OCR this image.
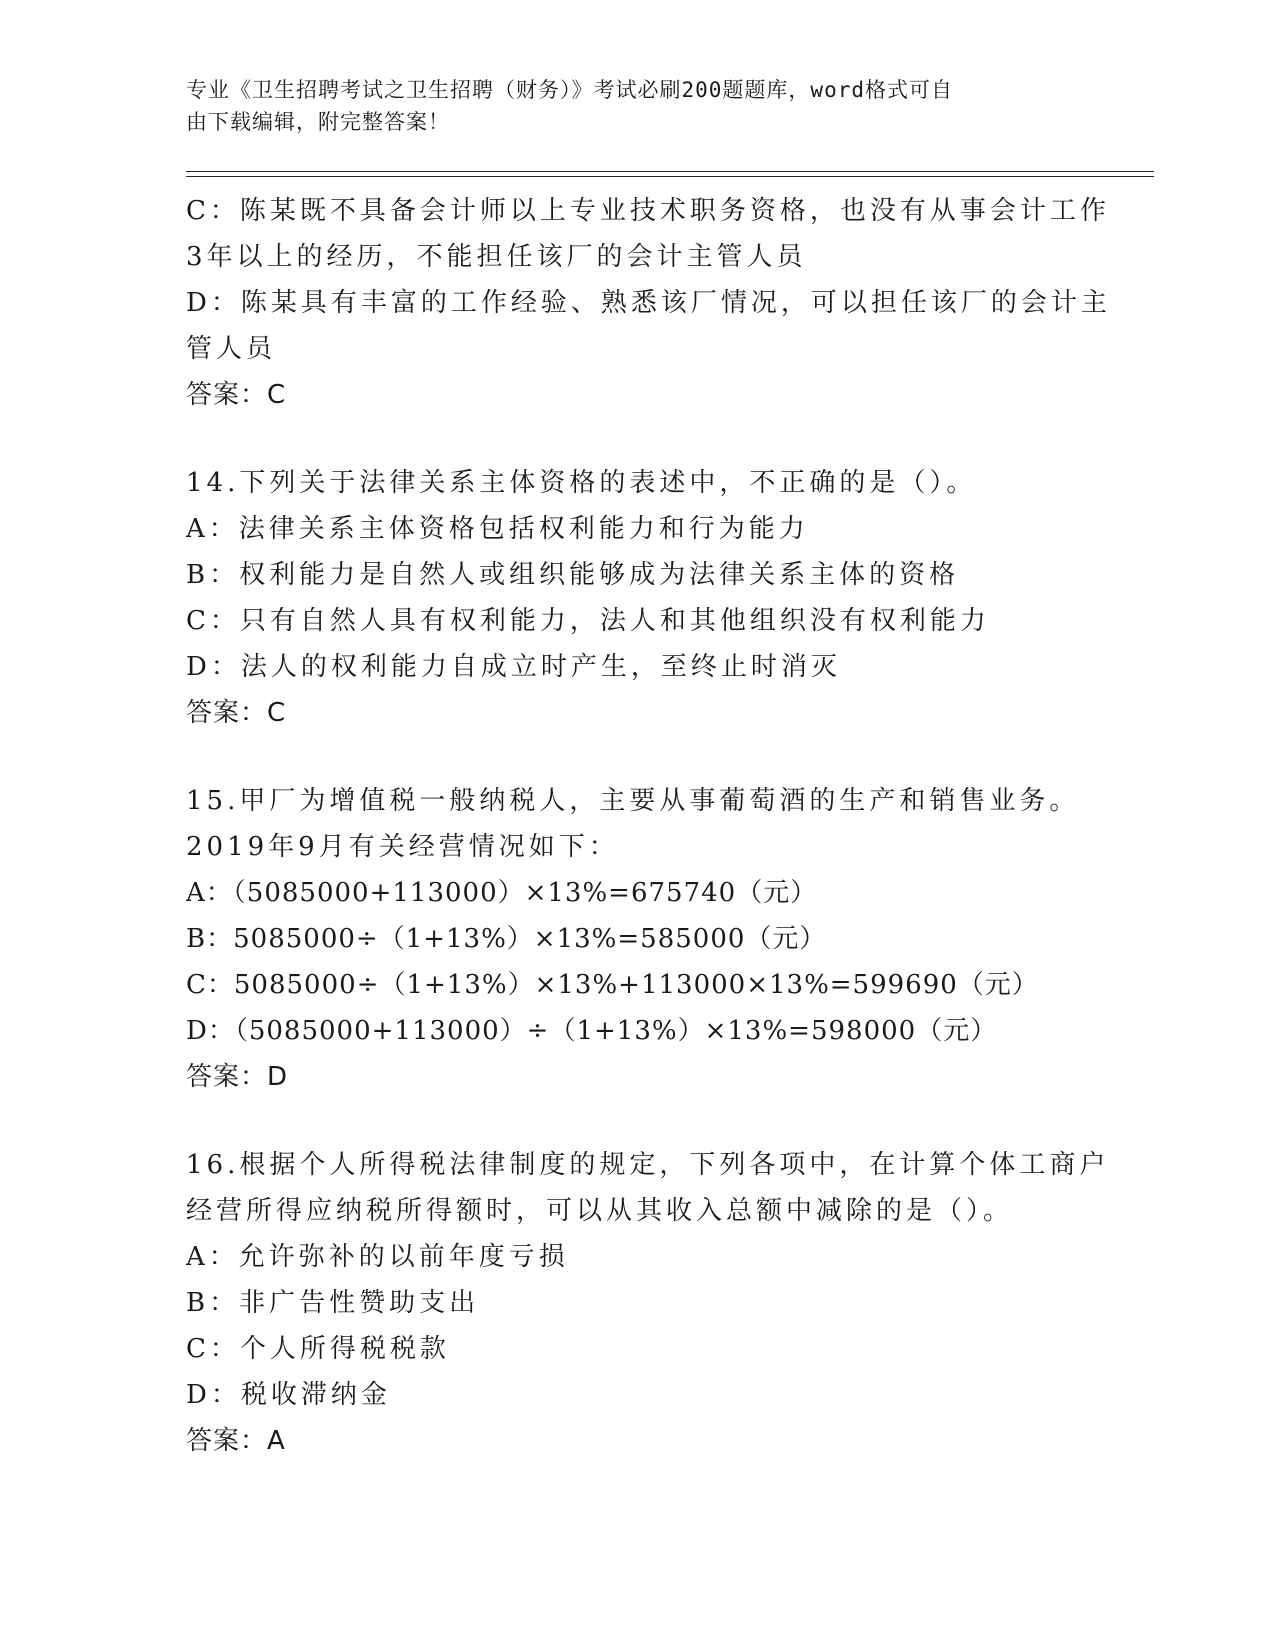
专业《卫生招聘考试之卫生招聘（财务）》考试必刷200题题库，word格式可自
由下载编辑，附完整答案！
C：陈某既不具备会计师以上专业技术职务资格，也没有从事会计工作
3年以上的经历，不能担任该厂的会计主管人员
D：陈某具有丰富的工作经验、熟悉该厂情况，可以担任该厂的会计主
管人员
答案：C
14.下列关于法律关系主体资格的表述中，不正确的是（）。
A：法律关系主体资格包括权利能力和行为能力
B：权利能力是自然人或组织能够成为法律关系主体的资格
C：只有自然人具有权利能力，法人和其他组织没有权利能力
D：法人的权利能力自成立时产生，至终止时消灭
答案：C
15.甲厂为增值税一般纳税人，主要从事葡萄酒的生产和销售业务。
2019年9月有关经营情况如下：
A：（5085000+113000）×13%=675740（元）
B：5085000÷（1+13%）×13%=585000（元）
C：5085000÷（1+13%）×13%+113000×13%=599690（元）
D：（5085000+113000）÷（1+13%）×13%=598000（元）
答案：D
16.根据个人所得税法律制度的规定，下列各项中，在计算个体工商户
经营所得应纳税所得额时，可以从其收入总额中减除的是（）。
A：允许弥补的以前年度亏损
B：非广告性赞助支出
C：个人所得税税款
D：税收滞纳金
答案：A
